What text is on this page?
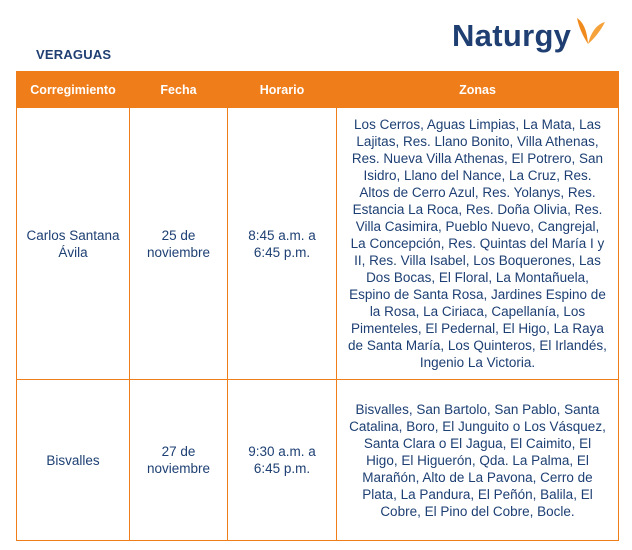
VERAGUAS
Naturgy
Corregimiento	Fecha	Horario	Zonas
Carlos Santana Ávila	25 de noviembre	8:45 a.m. a 6:45 p.m.	Los Cerros, Aguas Limpias, La Mata, Las Lajitas, Res. Llano Bonito, Villa Athenas, Res. Nueva Villa Athenas, El Potrero, San Isidro, Llano del Nance, La Cruz, Res. Altos de Cerro Azul, Res. Yolanys, Res. Estancia La Roca, Res. Doña Olivia, Res. Villa Casimira, Pueblo Nuevo, Cangrejal, La Concepción, Res. Quintas del María I y II, Res. Villa Isabel, Los Boquerones, Las Dos Bocas, El Floral, La Montañuela, Espino de Santa Rosa, Jardines Espino de la Rosa, La Ciriaca, Capellanía, Los Pimenteles, El Pedernal, El Higo, La Raya de Santa María, Los Quinteros, El Irlandés, Ingenio La Victoria.
Bisvalles	27 de noviembre	9:30 a.m. a 6:45 p.m.	Bisvalles, San Bartolo, San Pablo, Santa Catalina, Boro, El Junguito o Los Vásquez, Santa Clara o El Jagua, El Caimito, El Higo, El Higuerón, Qda. La Palma, El Marañón, Alto de La Pavona, Cerro de Plata, La Pandura, El Peñón, Balila, El Cobre, El Pino del Cobre, Bocle.
